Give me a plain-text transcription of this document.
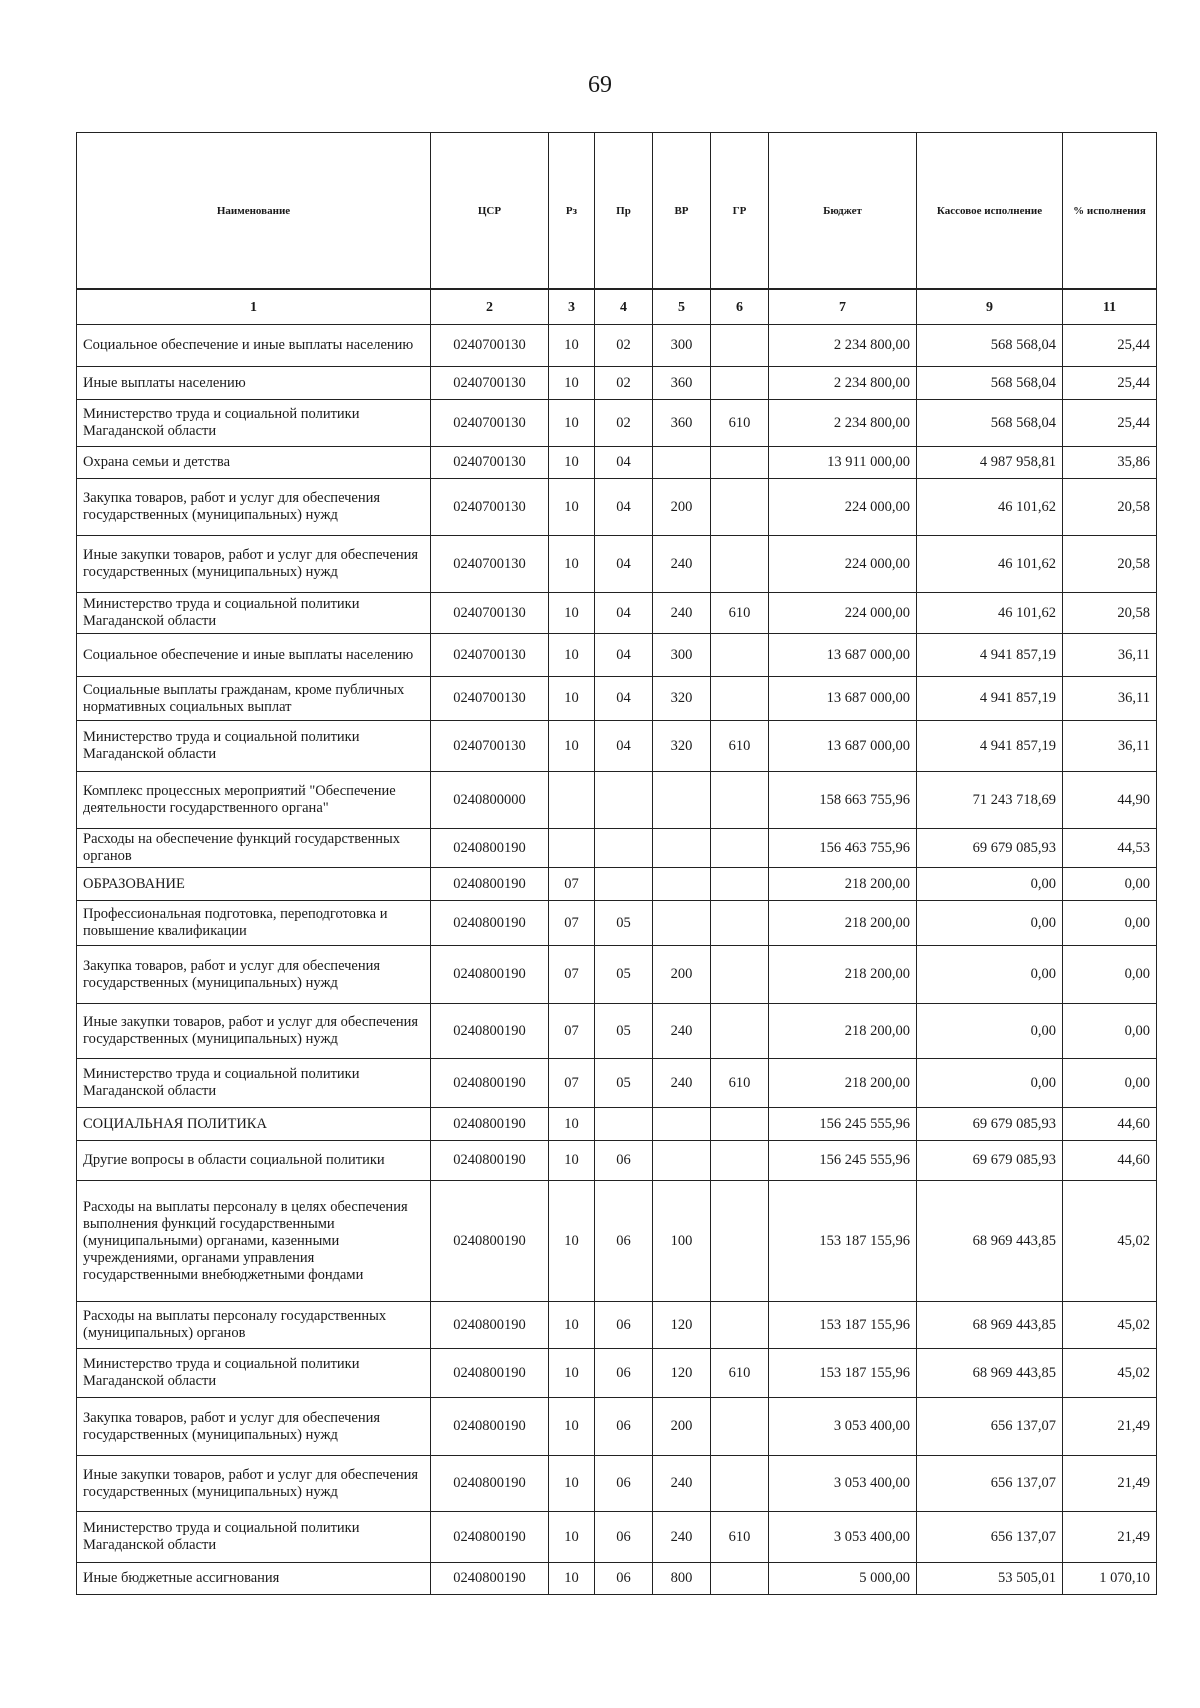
69
Наименование	ЦСР	Рз	Пр	ВР	ГР	Бюджет	Кассовое исполнение	% исполнения
1	2	3	4	5	6	7	9	11
Социальное обеспечение и иные выплаты населению	0240700130	10	02	300		2 234 800,00	568 568,04	25,44
Иные выплаты населению	0240700130	10	02	360		2 234 800,00	568 568,04	25,44
Министерство труда и социальной политики Магаданской области	0240700130	10	02	360	610	2 234 800,00	568 568,04	25,44
Охрана семьи и детства	0240700130	10	04			13 911 000,00	4 987 958,81	35,86
Закупка товаров, работ и услуг для обеспечения государственных (муниципальных) нужд	0240700130	10	04	200		224 000,00	46 101,62	20,58
Иные закупки товаров, работ и услуг для обеспечения государственных (муниципальных) нужд	0240700130	10	04	240		224 000,00	46 101,62	20,58
Министерство труда и социальной политики Магаданской области	0240700130	10	04	240	610	224 000,00	46 101,62	20,58
Социальное обеспечение и иные выплаты населению	0240700130	10	04	300		13 687 000,00	4 941 857,19	36,11
Социальные выплаты гражданам, кроме публичных нормативных социальных выплат	0240700130	10	04	320		13 687 000,00	4 941 857,19	36,11
Министерство труда и социальной политики Магаданской области	0240700130	10	04	320	610	13 687 000,00	4 941 857,19	36,11
Комплекс процессных мероприятий "Обеспечение деятельности государственного органа"	0240800000					158 663 755,96	71 243 718,69	44,90
Расходы на обеспечение функций государственных органов	0240800190					156 463 755,96	69 679 085,93	44,53
ОБРАЗОВАНИЕ	0240800190	07				218 200,00	0,00	0,00
Профессиональная подготовка, переподготовка и повышение квалификации	0240800190	07	05			218 200,00	0,00	0,00
Закупка товаров, работ и услуг для обеспечения государственных (муниципальных) нужд	0240800190	07	05	200		218 200,00	0,00	0,00
Иные закупки товаров, работ и услуг для обеспечения государственных (муниципальных) нужд	0240800190	07	05	240		218 200,00	0,00	0,00
Министерство труда и социальной политики Магаданской области	0240800190	07	05	240	610	218 200,00	0,00	0,00
СОЦИАЛЬНАЯ ПОЛИТИКА	0240800190	10				156 245 555,96	69 679 085,93	44,60
Другие вопросы в области социальной политики	0240800190	10	06			156 245 555,96	69 679 085,93	44,60
Расходы на выплаты персоналу в целях обеспечения выполнения функций государственными (муниципальными) органами, казенными учреждениями, органами управления государственными внебюджетными фондами	0240800190	10	06	100		153 187 155,96	68 969 443,85	45,02
Расходы на выплаты персоналу государственных (муниципальных) органов	0240800190	10	06	120		153 187 155,96	68 969 443,85	45,02
Министерство труда и социальной политики Магаданской области	0240800190	10	06	120	610	153 187 155,96	68 969 443,85	45,02
Закупка товаров, работ и услуг для обеспечения государственных (муниципальных) нужд	0240800190	10	06	200		3 053 400,00	656 137,07	21,49
Иные закупки товаров, работ и услуг для обеспечения государственных (муниципальных) нужд	0240800190	10	06	240		3 053 400,00	656 137,07	21,49
Министерство труда и социальной политики Магаданской области	0240800190	10	06	240	610	3 053 400,00	656 137,07	21,49
Иные бюджетные ассигнования	0240800190	10	06	800		5 000,00	53 505,01	1 070,10
